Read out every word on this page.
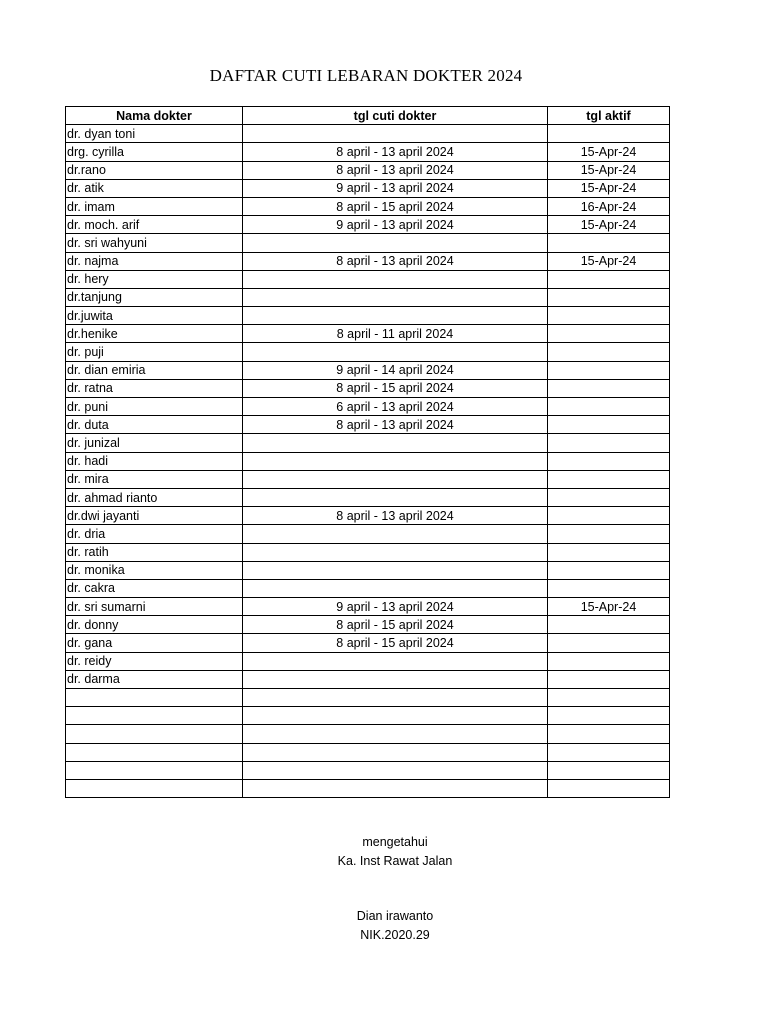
DAFTAR CUTI LEBARAN DOKTER 2024
Nama dokter	tgl cuti dokter	tgl aktif
dr. dyan toni		
drg. cyrilla	8 april - 13 april 2024	15-Apr-24
dr.rano	8 april - 13 april 2024	15-Apr-24
dr. atik	9 april - 13 april 2024	15-Apr-24
dr. imam	8 april - 15 april 2024	16-Apr-24
dr. moch. arif	9 april - 13 april 2024	15-Apr-24
dr. sri wahyuni		
dr. najma	8 april - 13 april 2024	15-Apr-24
dr. hery		
dr.tanjung		
dr.juwita		
dr.henike	8 april - 11 april 2024	
dr. puji		
dr. dian emiria	9 april - 14 april 2024	
dr. ratna	8 april - 15 april 2024	
dr. puni	6 april - 13 april 2024	
dr. duta	8 april - 13 april 2024	
dr. junizal		
dr. hadi		
dr. mira		
dr. ahmad rianto		
dr.dwi jayanti	8 april - 13 april 2024	
dr. dria		
dr. ratih		
dr. monika		
dr. cakra		
dr. sri sumarni	9 april - 13 april 2024	15-Apr-24
dr. donny	8 april - 15 april 2024	
dr. gana	8 april - 15 april 2024	
dr. reidy		
dr. darma		

mengetahui
Ka. Inst Rawat Jalan
Dian irawanto
NIK.2020.29
